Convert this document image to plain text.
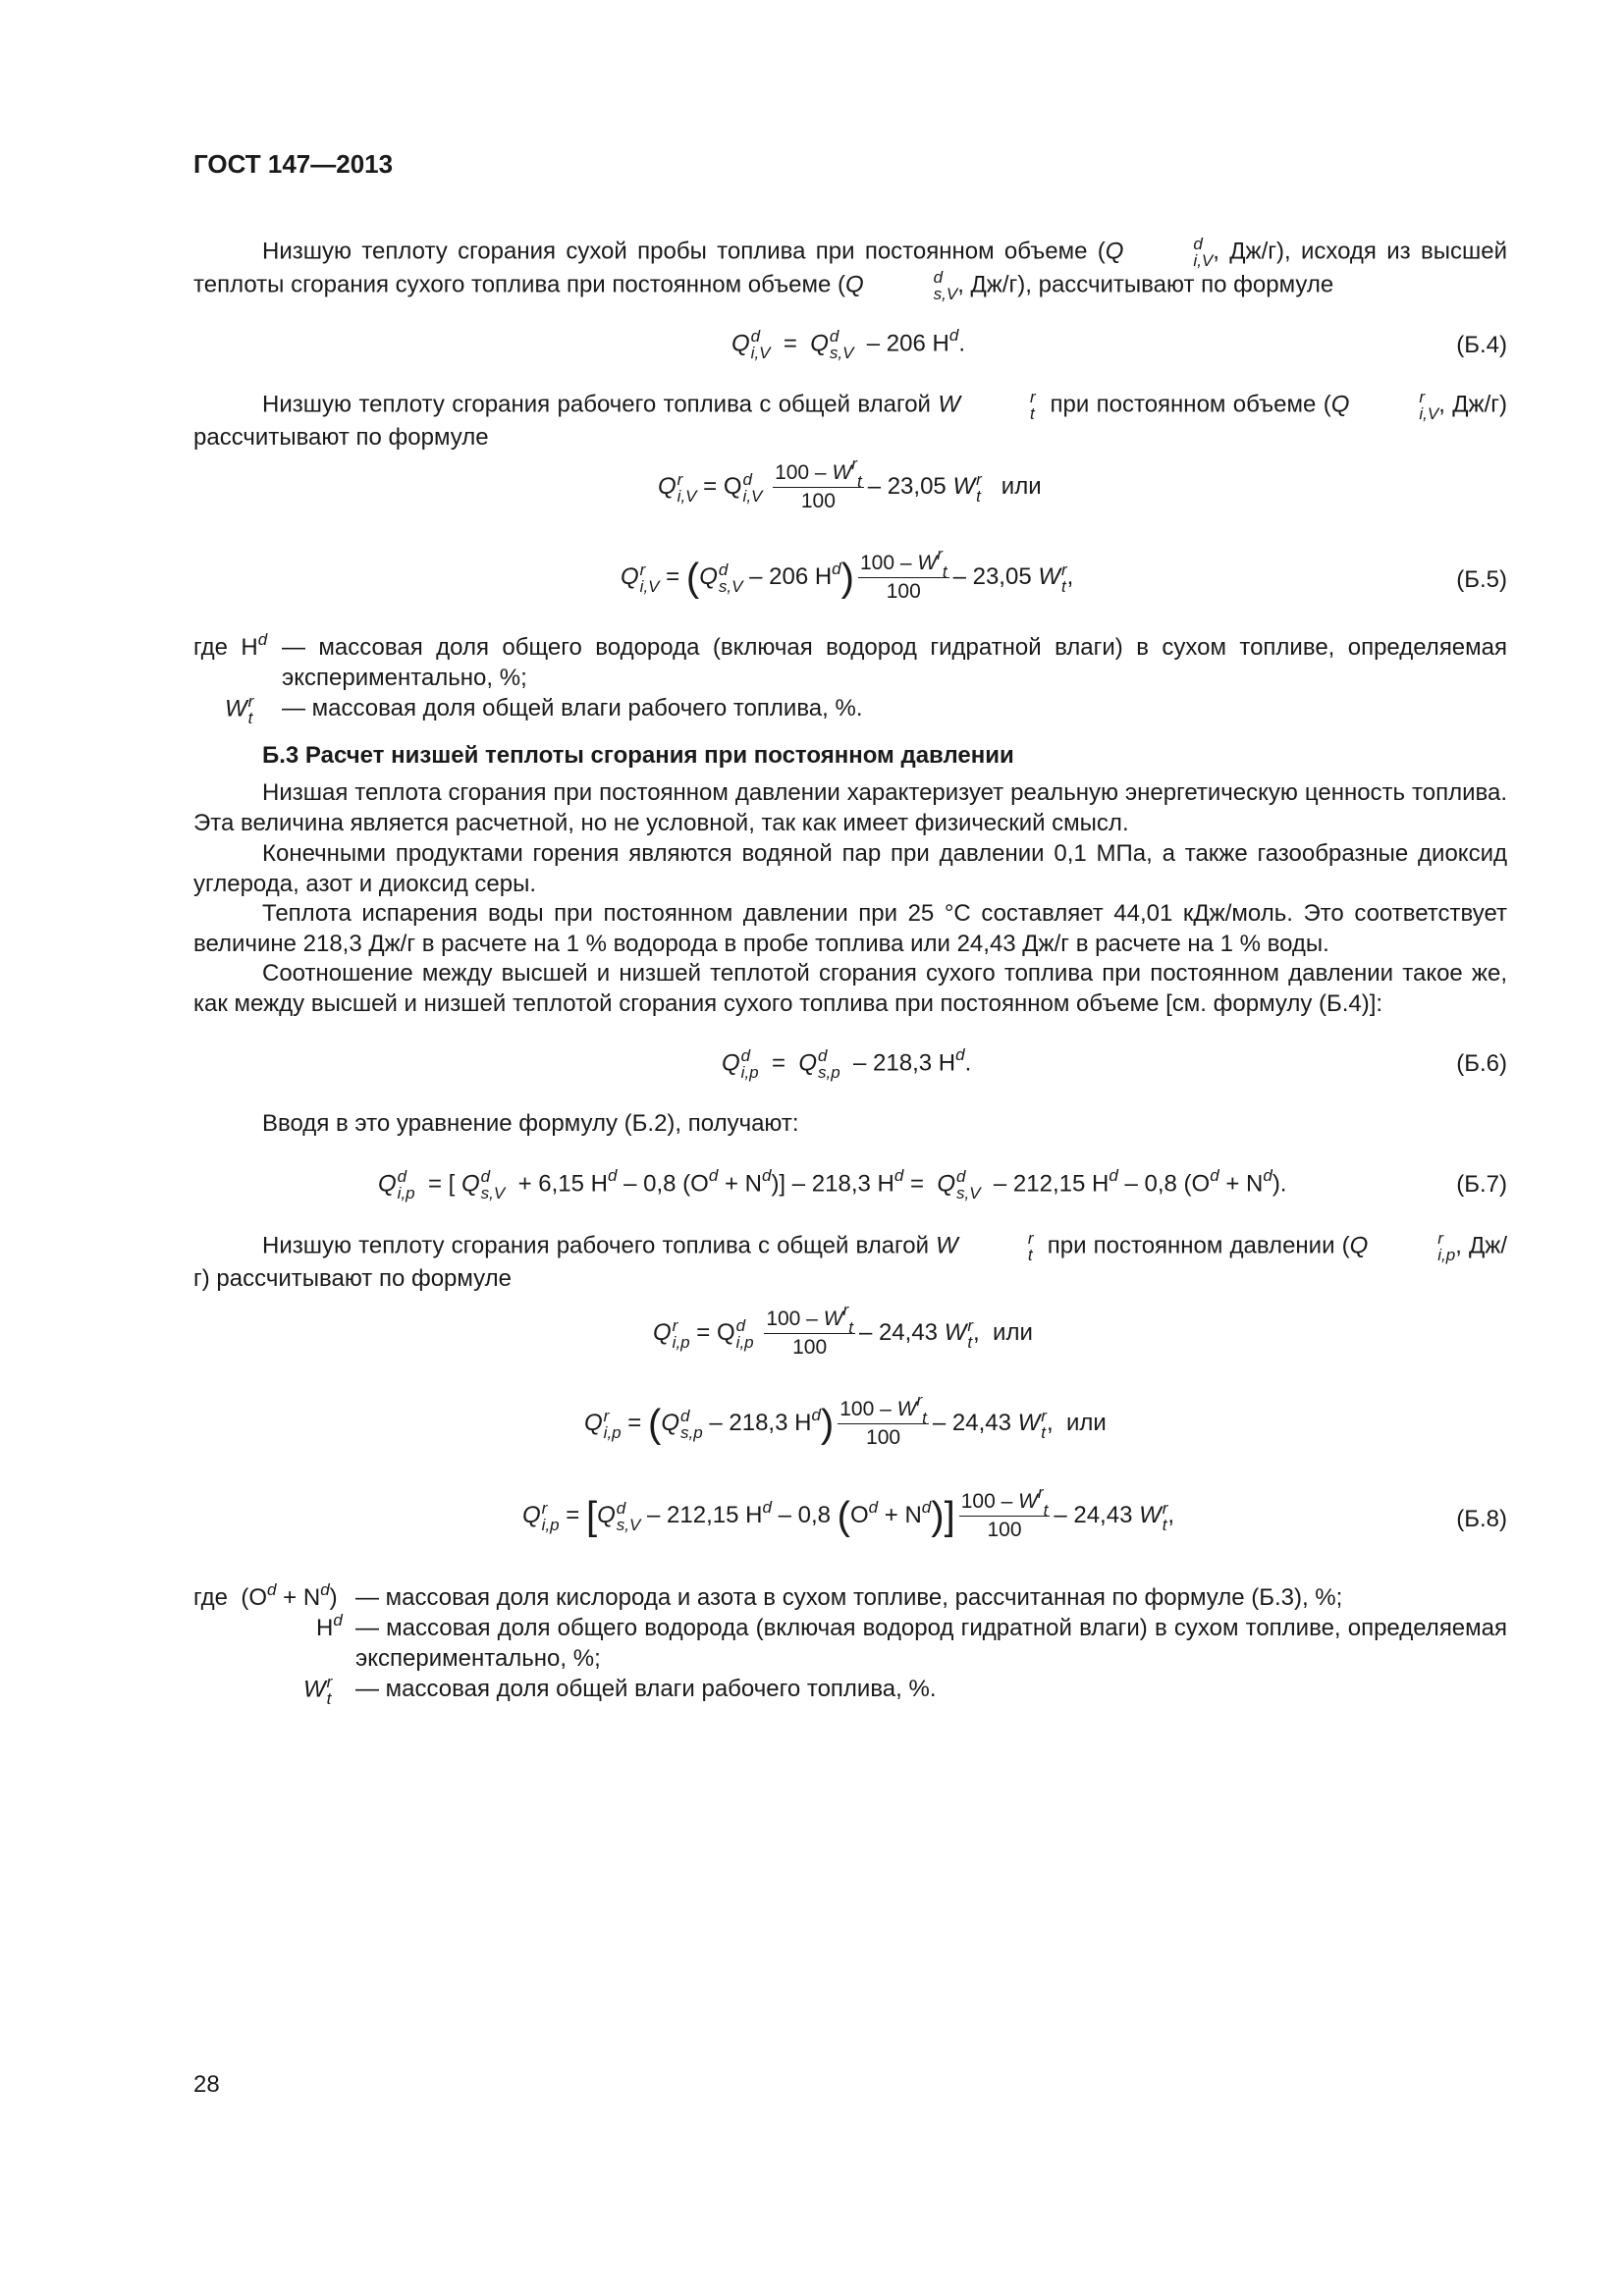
ГОСТ 147—2013
Низшую теплоту сгорания сухой пробы топлива при постоянном объеме (Q	d
i,V , Дж/г), исходя из высшей теплоты сгорания сухого топлива при постоянном объеме (Q	d
s,V , Дж/г), рассчитывают по формуле
Q d
i,V =  Q d
s,V – 206 $H^d$.	(Б.4)
Низшую теплоту сгорания рабочего топлива с общей влагой W	r
t при постоянном объеме (Q	r
i,V , Дж/г) рассчитывают по формуле
Q r
i,V = Q d
i,V
$\frac{100 - W^r_t}{100} - 23,05$ W r
t или
Q r
i,V = (Q d
s,V – 206 $H^d) \frac{100 - W^r_t}{100} - 23,05$ W r
t ,	(Б.5)
где $H^d$ — массовая доля общего водорода (включая водород гидратной влаги) в сухом топливе, определяемая экспериментально, %;
W r
t — массовая доля общей влаги рабочего топлива, %.
Б.3 Расчет низшей теплоты сгорания при постоянном давлении
Низшая теплота сгорания при постоянном давлении характеризует реальную энергетическую ценность топлива. Эта величина является расчетной, но не условной, так как имеет физический смысл.
Конечными продуктами горения являются водяной пар при давлении 0,1 МПа, а также газообразные диоксид углерода, азот и диоксид серы.
Теплота испарения воды при постоянном давлении при 25 °С составляет 44,01 кДж/моль. Это соответствует величине 218,3 Дж/г в расчете на 1 % водорода в пробе топлива или 24,43 Дж/г в расчете на 1 % воды.
Соотношение между высшей и низшей теплотой сгорания сухого топлива при постоянном давлении такое же, как между высшей и низшей теплотой сгорания сухого топлива при постоянном объеме [см. формулу (Б.4)]:
Q d
i,p =  Q d
s,p – 218,3 $H^d$.	(Б.6)
Вводя в это уравнение формулу (Б.2), получают:
Q d
i,p = [ Q d
s,V + 6,15 $H^d - 0,8$ $(O^d + N^d)] - 218,3$ $H^d = Q$ d
s,V – 212,15 $H^d - 0,8$ $(O^d + N^d)$.	(Б.7)
Низшую теплоту сгорания рабочего топлива с общей влагой W	r
t при постоянном давлении (Q	r
i,p , Дж/г) рассчитывают по формуле
Q r
i,p = Q d
i,p
$\frac{100 - W^r_t}{100} - 24,43$ W r
t ,  или
Q r
i,p = (Q d
s,p – 218,3 $H^d) \frac{100 - W^r_t}{100} - 24,43$ W r
t ,  или
Q r
i,p = [Q d
s,V – 212,15 $H^d - 0,8$ $(O^d + N^d)] \frac{100 - W^r_t}{100} - 24,43$ W r
t ,	(Б.8)
где  $(O^d + N^d)$ — массовая доля кислорода и азота в сухом топливе, рассчитанная по формуле (Б.3), %;
$H^d$ — массовая доля общего водорода (включая водород гидратной влаги) в сухом топливе, определяемая экспериментально, %;
W r
t — массовая доля общей влаги рабочего топлива, %.
28
